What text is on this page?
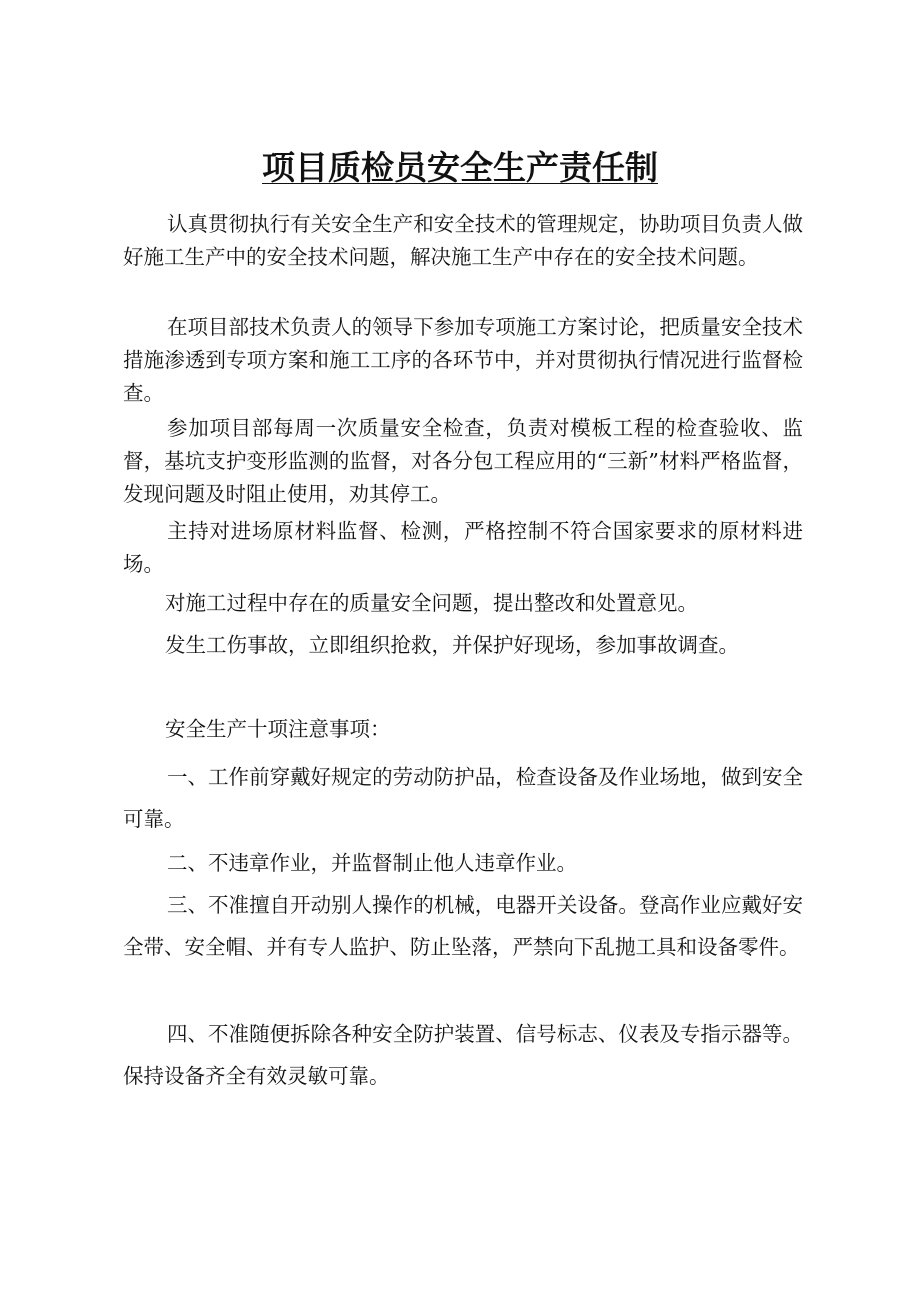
项目质检员安全生产责任制

认真贯彻执行有关安全生产和安全技术的管理规定，协助项目负责人做好施工生产中的安全技术问题，解决施工生产中存在的安全技术问题。

在项目部技术负责人的领导下参加专项施工方案讨论，把质量安全技术措施渗透到专项方案和施工工序的各环节中，并对贯彻执行情况进行监督检查。

参加项目部每周一次质量安全检查，负责对模板工程的检查验收、监督，基坑支护变形监测的监督，对各分包工程应用的“三新”材料严格监督，发现问题及时阻止使用，劝其停工。

主持对进场原材料监督、检测，严格控制不符合国家要求的原材料进场。

对施工过程中存在的质量安全问题，提出整改和处置意见。

发生工伤事故，立即组织抢救，并保护好现场，参加事故调查。

安全生产十项注意事项：

一、工作前穿戴好规定的劳动防护品，检查设备及作业场地，做到安全可靠。

二、不违章作业，并监督制止他人违章作业。

三、不准擅自开动别人操作的机械，电器开关设备。登高作业应戴好安全带、安全帽、并有专人监护、防止坠落，严禁向下乱抛工具和设备零件。

四、不准随便拆除各种安全防护装置、信号标志、仪表及专指示器等。保持设备齐全有效灵敏可靠。
